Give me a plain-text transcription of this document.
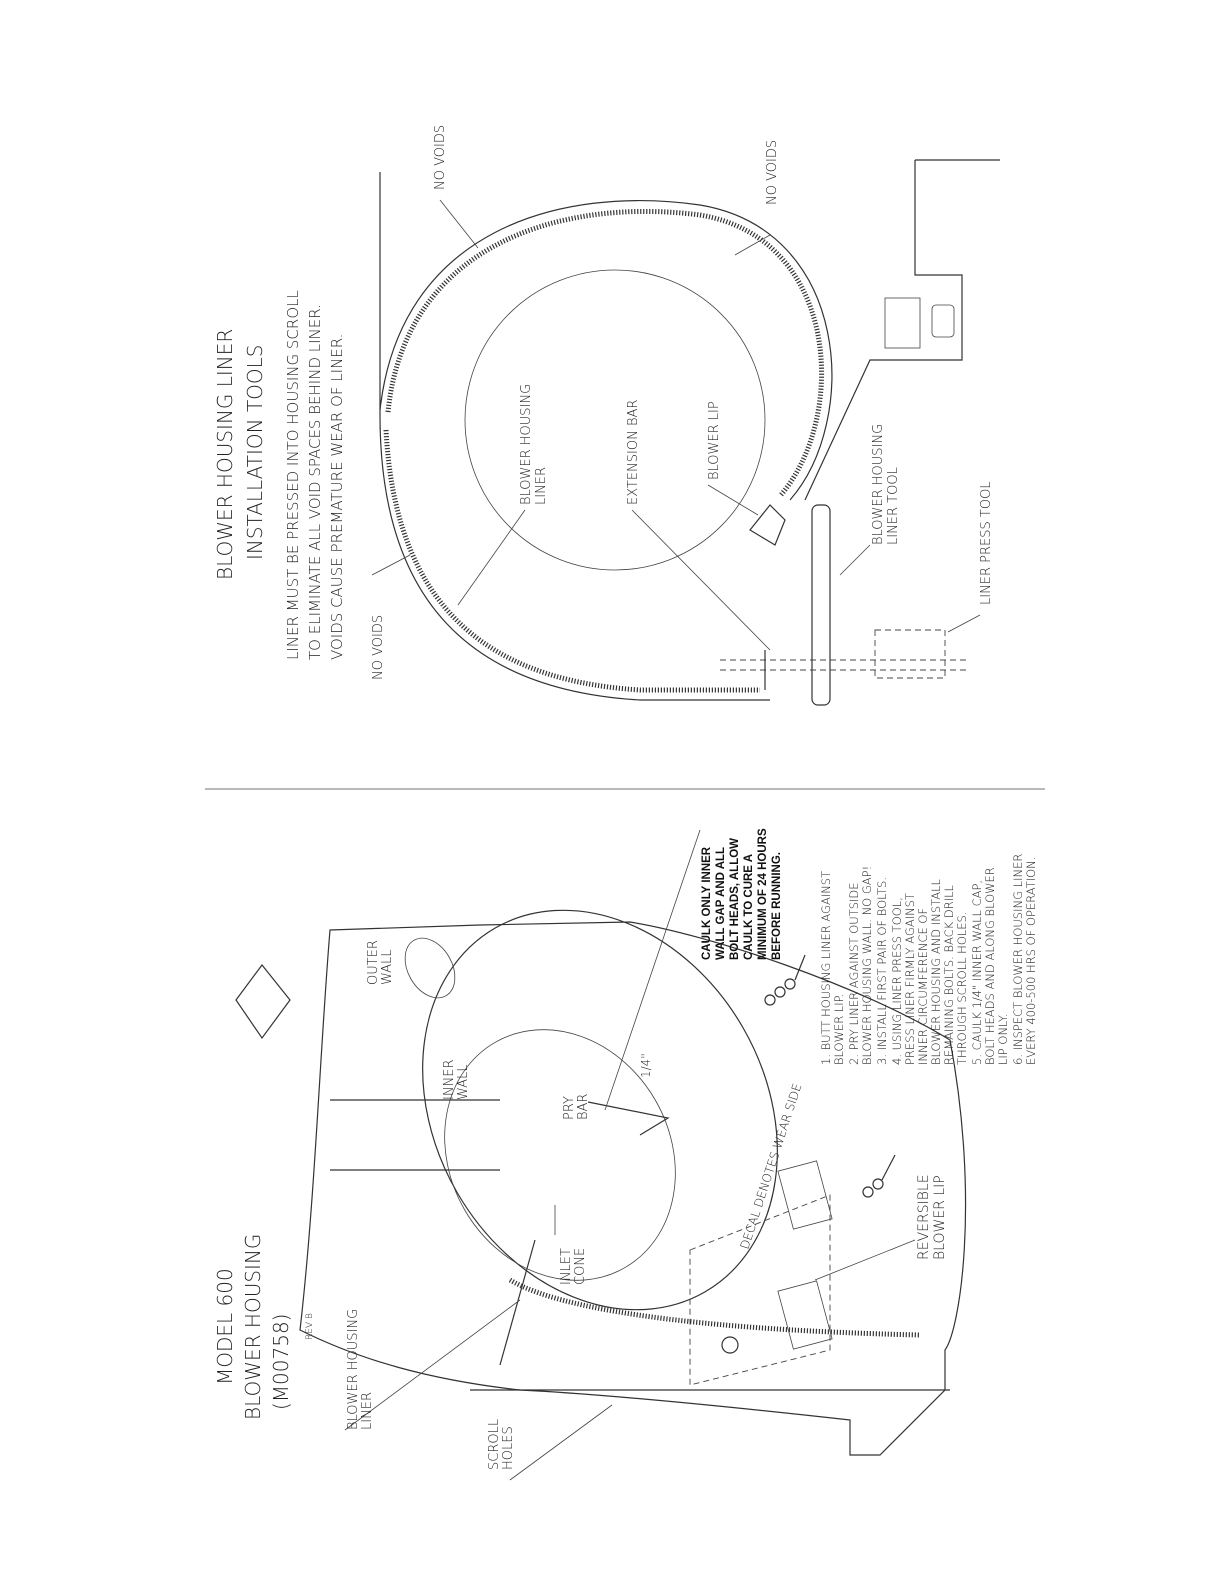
BLOWER HOUSING LINER INSTALLATION TOOLS LINER MUST BE PRESSED INTO HOUSING SCROLL TO ELIMINATE ALL VOID SPACES BEHIND LINER. VOIDS CAUSE PREMATURE WEAR OF LINER.
NO VOIDS	NO VOIDS
NO VOIDS
BLOWER HOUSING LINER	EXTENSION BAR	BLOWER LIP	BLOWER HOUSING LINER TOOL	LINER PRESS TOOL
MODEL 600 BLOWER HOUSING (M00758) REV B BLOWER HOUSING LINER
SCROLL HOLES
INLET CONE
INNER WALL
OUTER WALL
PRY BAR
1/4"
DECAL DENOTES WEAR SIDE	REVERSIBLE BLOWER LIP
CAULK ONLY INNER WALL GAP AND ALL BOLT HEADS, ALLOW CAULK TO CURE A MINIMUM OF 24 HOURS BEFORE RUNNING.	1. BUTT HOUSING LINER AGAINST BLOWER LIP. 2. PRY LINER AGAINST OUTSIDE BLOWER HOUSING WALL. NO GAP! 3. INSTALL FIRST PAIR OF BOLTS. 4. USING LINER PRESS TOOL, PRESS LINER FIRMLY AGAINST INNER CIRCUMFERENCE OF BLOWER HOUSING AND INSTALL REMAINING BOLTS. BACK DRILL THROUGH SCROLL HOLES. 5. CAULK 1/4" INNER WALL CAP, BOLT HEADS AND ALONG BLOWER LIP ONLY. 6. INSPECT BLOWER HOUSING LINER EVERY 400-500 HRS OF OPERATION.
